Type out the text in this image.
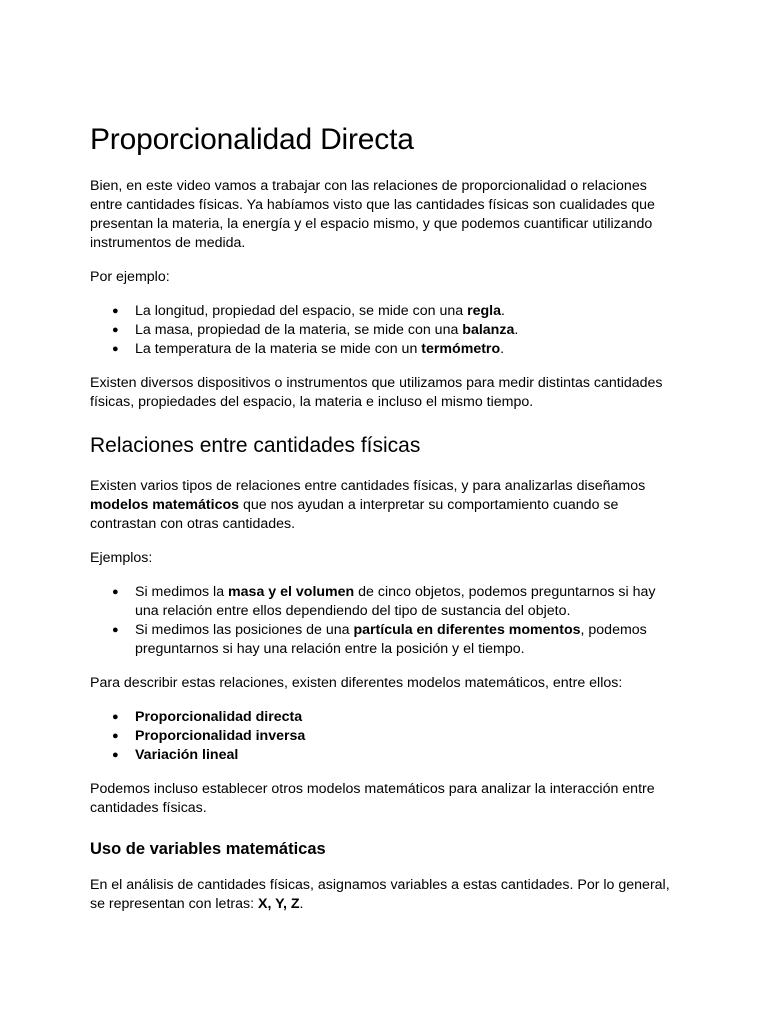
Proporcionalidad Directa

Bien, en este video vamos a trabajar con las relaciones de proporcionalidad o relaciones entre cantidades físicas. Ya habíamos visto que las cantidades físicas son cualidades que presentan la materia, la energía y el espacio mismo, y que podemos cuantificar utilizando instrumentos de medida.

Por ejemplo:

● La longitud, propiedad del espacio, se mide con una regla.
● La masa, propiedad de la materia, se mide con una balanza.
● La temperatura de la materia se mide con un termómetro.

Existen diversos dispositivos o instrumentos que utilizamos para medir distintas cantidades físicas, propiedades del espacio, la materia e incluso el mismo tiempo.

Relaciones entre cantidades físicas

Existen varios tipos de relaciones entre cantidades físicas, y para analizarlas diseñamos modelos matemáticos que nos ayudan a interpretar su comportamiento cuando se contrastan con otras cantidades.

Ejemplos:

● Si medimos la masa y el volumen de cinco objetos, podemos preguntarnos si hay una relación entre ellos dependiendo del tipo de sustancia del objeto.
● Si medimos las posiciones de una partícula en diferentes momentos, podemos preguntarnos si hay una relación entre la posición y el tiempo.

Para describir estas relaciones, existen diferentes modelos matemáticos, entre ellos:

● Proporcionalidad directa
● Proporcionalidad inversa
● Variación lineal

Podemos incluso establecer otros modelos matemáticos para analizar la interacción entre cantidades físicas.

Uso de variables matemáticas

En el análisis de cantidades físicas, asignamos variables a estas cantidades. Por lo general, se representan con letras: X, Y, Z.
